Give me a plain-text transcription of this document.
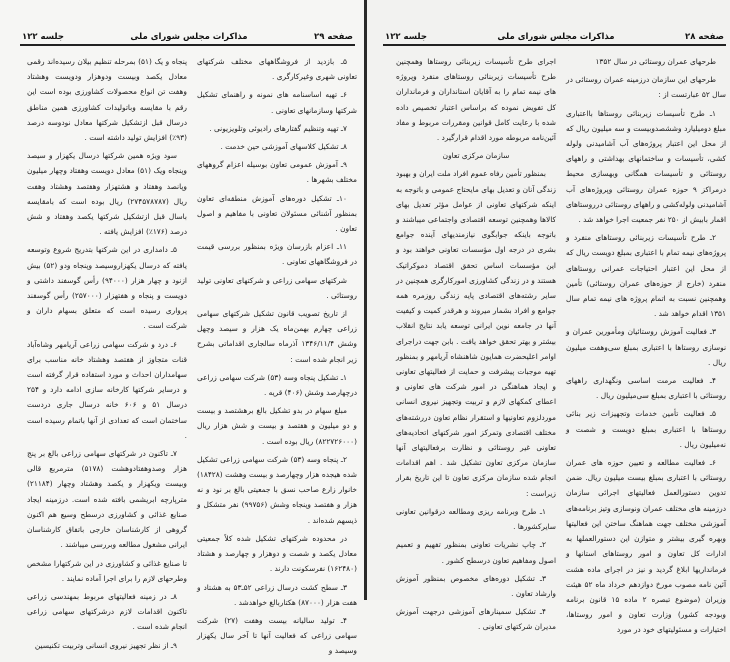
صفحه ۲۹
مذاکرات مجلس شورای ملی
جلسه ۱۲۲

۵ـ بازدید از فروشگاههای مختلف شرکتهای تعاونی شهری وغیرکارگری .

۶ـ تهیه اساسنامه های نمونه و راهنمای تشکیل شرکتها وسازمانهای تعاونی .

۷ـ تهیه وتنظیم گفتارهای رادیوئی وتلویزیونی .

۸ـ تشکیل کلاسهای آموزشی حین خدمت .

۹ـ آموزش عمومی تعاون بوسیله اعزام گروههای مختلف بشهرها .

۱۰ـ تشکیل دوره‌های آموزش منطقه‌ای تعاون بمنظور آشنائی مسئولان تعاونی با مفاهیم و اصول تعاون .

۱۱ـ اعزام بازرسان ویژه بمنظور بررسی قیمت در فروشگاههای تعاونی .

شرکتهای سهامی زراعی و شرکتهای تعاونی تولید روستائی .

از تاریخ تصویب قانون تشکیل شرکتهای سهامی زراعی چهارم بهمن‌ماه یک هزار و سیصد وچهل وشش ۱۳۴۶/۱۱/۴ آذرماه سالجاری اقداماتی بشرح زیر انجام شده است :

۱ـ تشکیل پنجاه وسه (۵۳) شرکت سهامی زراعی درچهارصد وشش (۴۰۶) قریه .

مبلغ سهام در بدو تشکیل بالغ برهشتصد و بیست و دو میلیون و هفتصد و بیست و شش هزار ریال (۸۲۲۷۲۶۰۰۰) ریال بوده است .

۲ـ پنجاه وسه (۵۳) شرکت سهامی زراعی تشکیل شده هیجده هزار وچهارصد و بیست وهشت (۱۸۴۲۸) خانوار زارع صاحب نسق با جمعیتی بالغ بر نود و نه هزار و هفتصد وپنجاه وشش (۹۹۷۵۶) نفر متشکل و ذیسهم شده‌اند .

در محدوده شرکتهای تشکیل شده کلاً جمعیتی معادل یکصد و شصت و دوهزار و چهارصد و هشتاد (۱۶۲۴۸۰) نفرسکونت دارند .

۳ـ سطح کشت درسال زراعی ۵۲ـ۵۳ به هشتاد و هفت هزار (۸۷۰۰۰) هکتاربالغ خواهدشد .

۴ـ تولید سالیانه بیست وهفت (۲۷) شرکت سهامی زراعی که فعالیت آنها تا آخر سال یکهزار وسیصد و

پنجاه و یک (۵۱) بمرحله تنظیم بیلان رسیده‌اند رقمی معادل یکصد وبیست ودوهزار ودویست وهشتاد وهفت تن انواع محصولات کشاورزی بوده است این رقم با مقایسه وباتولیدات کشاورزی همین مناطق درسال قبل ازتشکیل شرکتها معادل نودوسه درصد (۹۳٪) افزایش تولید داشته است .

سود ویژه همین شرکتها درسال یکهزار و سیصد وپنجاه ویک (۵۱) معادل دویست وهفتاد وچهار میلیون وپانصد وهفتاد و هشتهزار وهفتصد وهشتاد وهفت ریال (۲۷۴۵۷۸۷۸۷) ریال بوده است که بامقایسه باسال قبل ازتشکیل شرکتها یکصد وهفتاد و شش درصد (۱۷۶٪) افزایش یافته .

۵ـ دامداری در این شرکتها بتدریج شروع وتوسعه یافته که درسال یکهزاروسیصد وپنجاه ودو (۵۲) بیش ازنود و چهار هزار (۹۴۰۰۰) رأس گوسفند داشتی و دویست و پنجاه و هفتهزار (۲۵۷۰۰۰) رأس گوسفند پرواری رسیده است که متعلق بسهام داران و شرکت است .

۶ـ درد و شرکت سهامی زراعی آریامهر وشاه‌آباد قنات متجاوز از هفتصد وهشتاد خانه مناسب برای سهامداران احداث و مورد استفاده قرار گرفته است و درسایر شرکتها کارخانه سازی ادامه دارد و ۲۵۴ درسال ۵۱ و ۶۰۶ خانه درسال جاری دردست ساختمان است که تعدادی از آنها باتمام رسیده است .

۷ـ تاکنون در شرکتهای سهامی زراعی بالغ بر پنج هزار وصدوهفتادوهشت (۵۱۷۸) مترمربع قالی وبیست ویکهزار و یکصد وهشتاد وچهار (۲۱۱۸۴) مترپارچه ابریشمی بافته شده است. درزمینه ایجاد صنایع غذائی و کشاورزی درسطح وسیع هم اکنون گروهی از کارشناسان خارجی باتفاق کارشناسان ایرانی مشغول مطالعه وبررسی میباشند .

تا صنایع غذائی و کشاورزی در این شرکتهارا مشخص وطرحهای لازم را برای اجرا آماده نمایند .

۸ـ در زمینه فعالیتهای مربوط بمهندسی زراعی تاکنون اقدامات لازم درشرکتهای سهامی زراعی انجام شده است .

۹ـ از نظر تجهیز نیروی انسانی وتربیت تکنیسین

صفحه ۲۸
مذاکرات مجلس شورای ملی
جلسه ۱۲۲

طرحهای عمران روستائی در سال ۱۳۵۲

طرحهای این سازمان درزمینه عمران روستائی در سال ۵۲ عبارتست از :

۱ـ طرح تأسیسات زیربنائی روستاها بااعتباری مبلغ دومیلیارد وششصدوبیست و سه میلیون ریال که از محل این اعتبار پروژه‌های آب آشامیدنی ولوله کشی، تأسیسات و ساختمانهای بهداشتی و راههای روستائی و تأسیسات همگانی وبهسازی محیط درمراکز ۹ حوزه عمران روستائی وپروژه‌های آب آشامیدنی ولوله‌کشی و راههای روستائی درروستاهای اقمار بابیش از ۲۵۰ نفر جمعیت اجرا خواهد شد .

۲ـ طرح تأسیسات زیربنائی روستاهای منفرد و پروژه‌های نیمه تمام با اعتباری بمبلغ دویست ریال که از محل این اعتبار احتیاجات عمرانی روستاهای منفرد (خارج از حوزه‌های عمران روستائی) تأمین وهمچنین نسبت به اتمام پروژه های نیمه تمام سال ۱۳۵۱ اقدام خواهد شد .

۳ـ فعالیت آموزش روستائیان ومأمورین عمران و نوسازی روستاها با اعتباری بمبلغ سی‌وهفت میلیون ریال .

۴ـ فعالیت مرمت اساسی ونگهداری راههای روستائی با اعتباری بمبلغ سی‌میلیون ریال .

۵ـ فعالیت تأمین خدمات وتجهیزات زیر بنائی روستاها با اعتباری بمبلغ دویست و شصت و نه‌میلیون ریال .

۶ـ فعالیت مطالعه و تعیین حوزه های عمران روستائی با اعتباری بمبلغ بیست میلیون ریال. ضمن تدوین دستورالعمل فعالیتهای اجرائی سازمان درزمینه های مختلف عمران ونوسازی وتیز برنامه‌های آموزشی مختلف جهت هماهنگ ساختن این فعالیتها وبهره گیری بیشتر و متوازن این دستورالعملها به ادارات کل تعاون و امور روستاهای استانها و فرمانداریها ابلاغ گردید و نیز در اجرای ماده هشت آئین نامه مصوب مورخ دوازدهم خرداد ماه ۵۲ هیئت وزیران (موضوع تبصره ۲ ماده ۱۵ قانون برنامه وبودجه کشور) وزارت تعاون و امور روستاها، اختیارات و مسئولیتهای خود در مورد

اجرای طرح تأسیسات زیربنائی روستاها وهمچنین طرح تأسیسات زیربنائی روستاهای منفرد وپروژه های نیمه تمام را به آقایان استانداران و فرمانداران کل تفویض نموده که براساس اعتبار تخصیص داده شده با رعایت کامل قوانین ومقررات مربوط و مفاد آئین‌نامه مربوطه مورد اقدام قرارگیرد .

سازمان مرکزی تعاون

بمنظور تأمین رفاه عموم افراد ملت ایران و بهبود زندگی آنان و تعدیل بهای مایحتاج عمومی و باتوجه به اینکه شرکتهای تعاونی از عوامل مؤثر تعدیل بهای کالاها وهمچنین توسعه اقتصادی واجتماعی میباشند و باتوجه باینکه جوابگوی نیازمندیهای آینده جوامع بشری در درجه اول مؤسسات تعاونی خواهند بود و این مؤسسات اساس تحقق اقتصاد دموکراتیک هستند و در زندگی کشاورزی امورکارگری همچنین در سایر رشته‌های اقتصادی پایه زندگی روزمره همه جوامع و افراد بشمار میروند و هرقدر کمیت و کیفیت آنها در جامعه نوین ایرانی توسعه یابد نتایج انقلاب بیشتر و بهتر تحقق خواهد یافت . بابن جهت دراجرای اوامر اعلیحضرت همایون شاهنشاه آریامهر و بمنظور تهیه موجبات پیشرفت و حمایت از فعالیتهای تعاونی و ایجاد هماهنگی در امور شرکت های تعاونی و اعطای کمکهای لازم و تربیت وتجهیز نیروی انسانی موردلزوم تعاونیها و استقرار نظام تعاون دررشته‌های مختلف اقتصادی وتمرکز امور شرکتهای اتحادیه‌های تعاونی غیر روستائی و نظارت برفعالیتهای آنها سازمان مرکزی تعاون تشکیل شد . اهم اقدامات انجام شده سازمان مرکزی تعاون تا این تاریخ بقرار زیراست :

۱ـ طرح وبرنامه ریزی ومطالعه درقوانین تعاونی سایرکشورها .

۲ـ چاپ نشریات تعاونی بمنظور تفهیم و تعمیم اصول ومفاهیم تعاون درسطح کشور .

۳ـ تشکیل دوره‌های مخصوص بمنظور آموزش وارشاد تعاون .

۴ـ تشکیل سمینارهای آموزشی درجهت آموزش مدیران شرکتهای تعاونی .
